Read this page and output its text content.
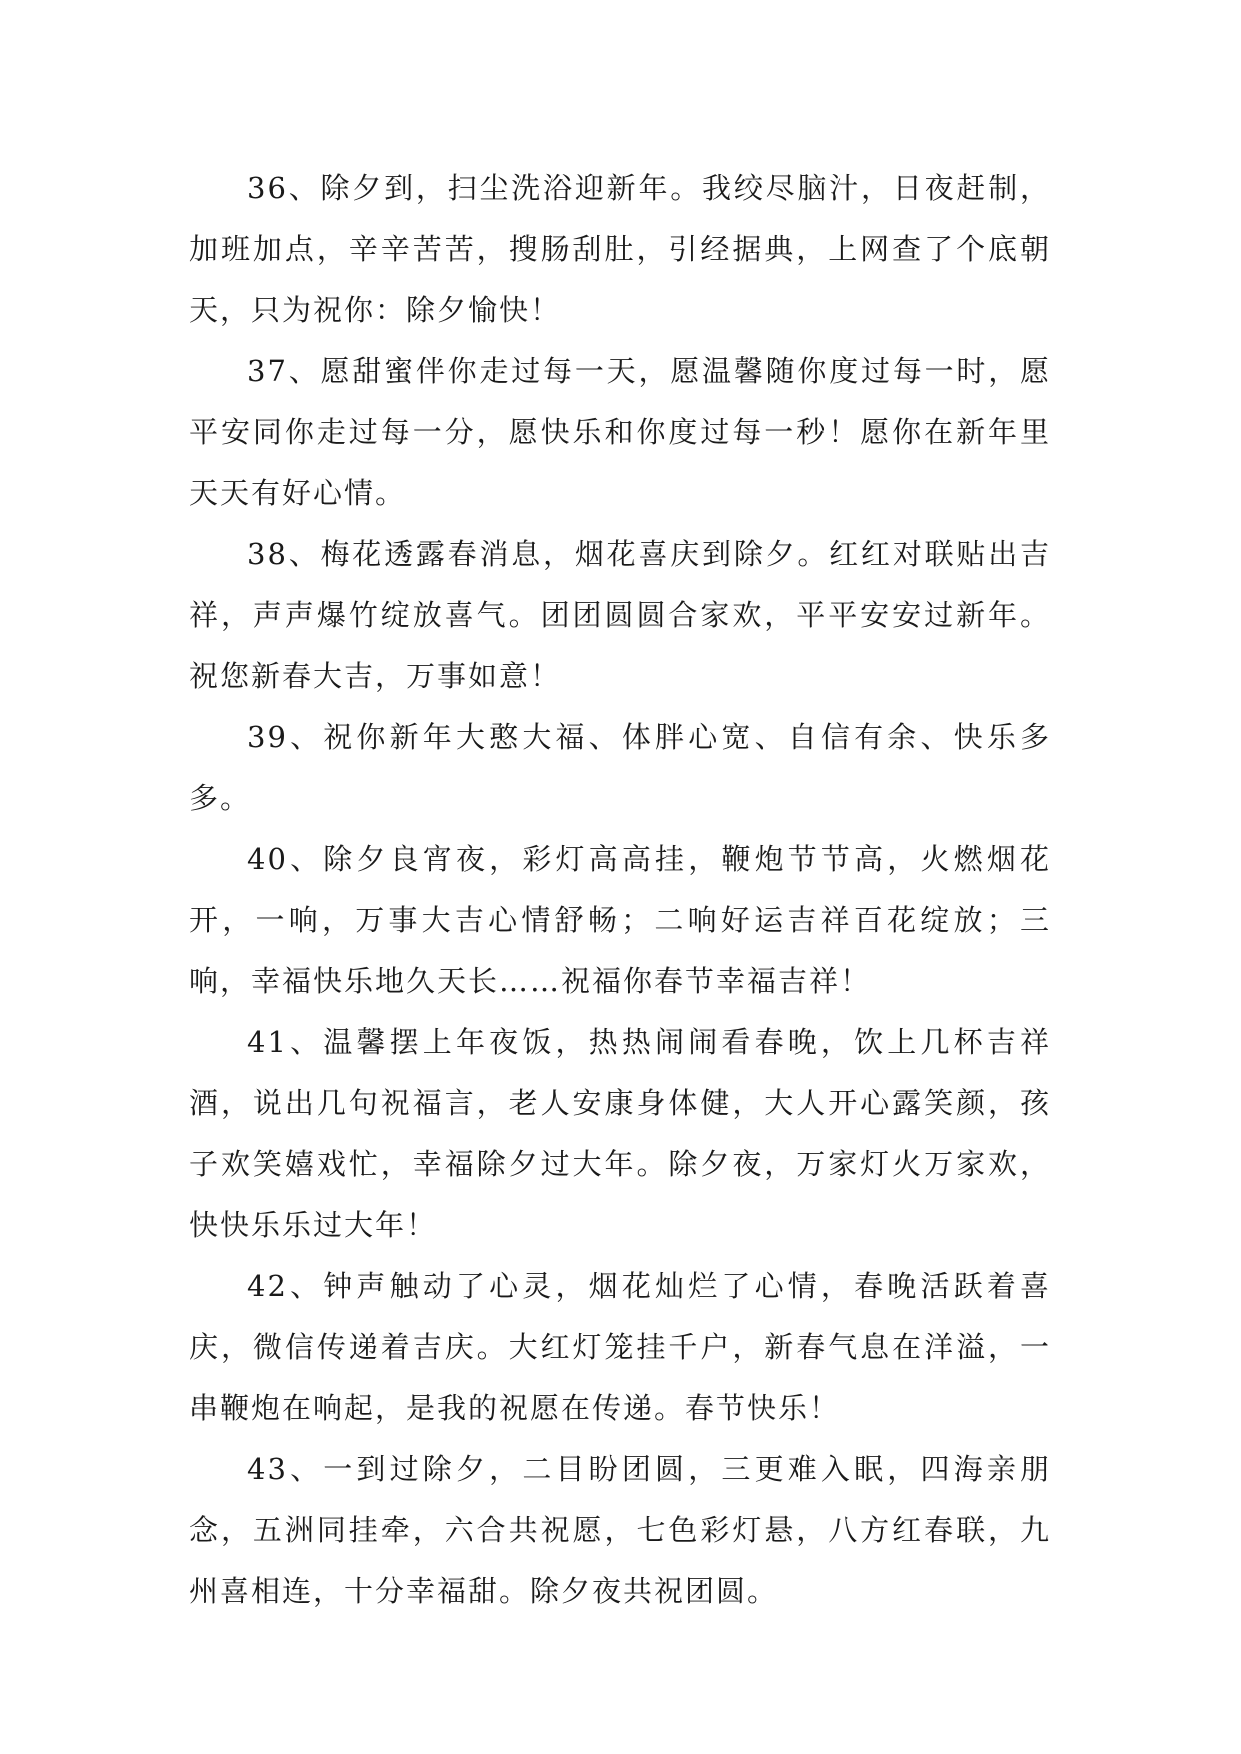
36、除夕到，扫尘洗浴迎新年。我绞尽脑汁，日夜赶制，加班加点，辛辛苦苦，搜肠刮肚，引经据典，上网查了个底朝天，只为祝你：除夕愉快！

37、愿甜蜜伴你走过每一天，愿温馨随你度过每一时，愿平安同你走过每一分，愿快乐和你度过每一秒！愿你在新年里天天有好心情。

38、梅花透露春消息，烟花喜庆到除夕。红红对联贴出吉祥，声声爆竹绽放喜气。团团圆圆合家欢，平平安安过新年。祝您新春大吉，万事如意！

39、祝你新年大憨大福、体胖心宽、自信有余、快乐多多。

40、除夕良宵夜，彩灯高高挂，鞭炮节节高，火燃烟花开，一响，万事大吉心情舒畅；二响好运吉祥百花绽放；三响，幸福快乐地久天长……祝福你春节幸福吉祥！

41、温馨摆上年夜饭，热热闹闹看春晚，饮上几杯吉祥酒，说出几句祝福言，老人安康身体健，大人开心露笑颜，孩子欢笑嬉戏忙，幸福除夕过大年。除夕夜，万家灯火万家欢，快快乐乐过大年！

42、钟声触动了心灵，烟花灿烂了心情，春晚活跃着喜庆，微信传递着吉庆。大红灯笼挂千户，新春气息在洋溢，一串鞭炮在响起，是我的祝愿在传递。春节快乐！

43、一到过除夕，二目盼团圆，三更难入眠，四海亲朋念，五洲同挂牵，六合共祝愿，七色彩灯悬，八方红春联，九州喜相连，十分幸福甜。除夕夜共祝团圆。
